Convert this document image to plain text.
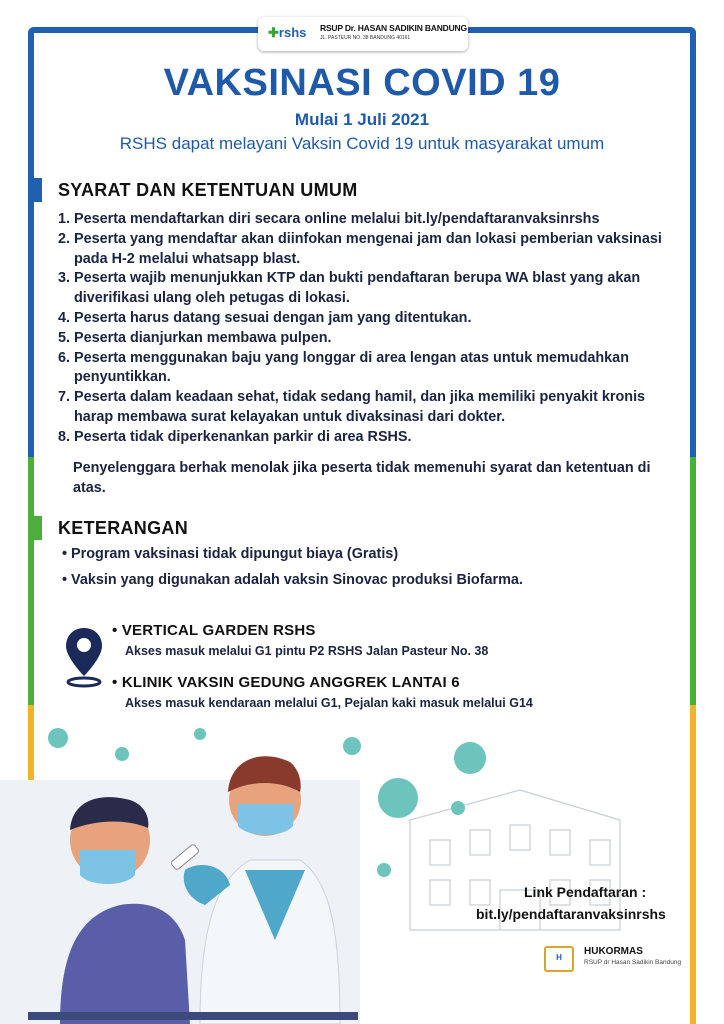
✚rshs RSUP Dr. HASAN SADIKIN BANDUNG
JL. PASTEUR NO. 38 BANDUNG 40161
VAKSINASI COVID 19
Mulai 1 Juli 2021
RSHS dapat melayani Vaksin Covid 19 untuk masyarakat umum
SYARAT DAN KETENTUAN UMUM
1. Peserta mendaftarkan diri secara online melalui bit.ly/pendaftaranvaksinrshs
2. Peserta yang mendaftar akan diinfokan mengenai jam dan lokasi pemberian vaksinasi pada H-2 melalui whatsapp blast.
3. Peserta wajib menunjukkan KTP dan bukti pendaftaran berupa WA blast yang akan diverifikasi ulang oleh petugas di lokasi.
4. Peserta harus datang sesuai dengan jam yang ditentukan.
5. Peserta dianjurkan membawa pulpen.
6. Peserta menggunakan baju yang longgar di area lengan atas untuk memudahkan penyuntikkan.
7. Peserta dalam keadaan sehat, tidak sedang hamil, dan jika memiliki penyakit kronis harap membawa surat kelayakan untuk divaksinasi dari dokter.
8. Peserta tidak diperkenankan parkir di area RSHS.
Penyelenggara berhak menolak jika peserta tidak memenuhi syarat dan ketentuan di atas.
KETERANGAN
• Program vaksinasi tidak dipungut biaya (Gratis)
• Vaksin yang digunakan adalah vaksin Sinovac produksi Biofarma.
• VERTICAL GARDEN RSHS
Akses masuk melalui G1 pintu P2 RSHS Jalan Pasteur No. 38
• KLINIK VAKSIN GEDUNG ANGGREK LANTAI 6
Akses masuk kendaraan melalui G1, Pejalan kaki masuk melalui G14
Link Pendaftaran :
bit.ly/pendaftaranvaksinrshs
H
HUKORMAS
RSUP dr Hasan Sadikin Bandung
